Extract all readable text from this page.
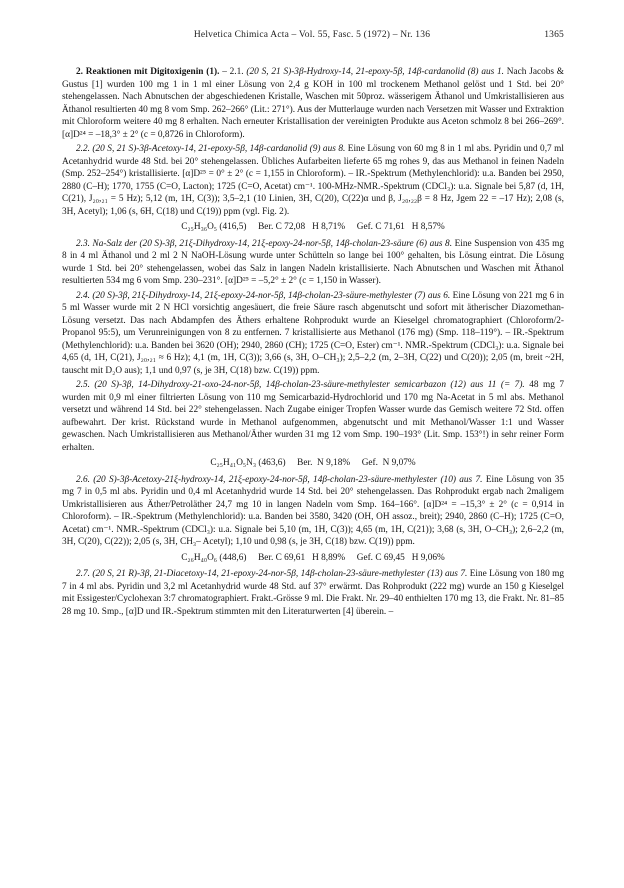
Helvetica Chimica Acta – Vol. 55, Fasc. 5 (1972) – Nr. 136	1365

2. Reaktionen mit Digitoxigenin (1). – 2.1. (20 S, 21 S)-3β-Hydroxy-14, 21-epoxy-5β, 14β-cardanolid (8) aus 1. Nach Jacobs & Gustus [1] wurden 100 mg 1 in 1 ml einer Lösung von 2,4 g KOH in 100 ml trockenem Methanol gelöst und 1 Std. bei 20° stehengelassen. Nach Abnutschen der abgeschiedenen Kristalle, Waschen mit 50proz. wässerigem Äthanol und Umkristallisieren aus Äthanol resultierten 40 mg 8 vom Smp. 262–266° (Lit.: 271°). Aus der Mutterlauge wurden nach Versetzen mit Wasser und Extraktion mit Chloroform weitere 40 mg 8 erhalten. Nach erneuter Kristallisation der vereinigten Produkte aus Aceton schmolz 8 bei 266–269°. [α]D²⁴ = –18,3° ± 2° (c = 0,8726 in Chloroform).

2.2. (20 S, 21 S)-3β-Acetoxy-14, 21-epoxy-5β, 14β-cardanolid (9) aus 8. Eine Lösung von 60 mg 8 in 1 ml abs. Pyridin und 0,7 ml Acetanhydrid wurde 48 Std. bei 20° stehengelassen. Übliches Aufarbeiten lieferte 65 mg rohes 9, das aus Methanol in feinen Nadeln (Smp. 252–254°) kristallisierte. [α]D²⁵ = 0° ± 2° (c = 1,155 in Chloroform). – IR.-Spektrum (Methylenchlorid): u.a. Banden bei 2950, 2880 (C–H); 1770, 1755 (C=O, Lacton); 1725 (C=O, Acetat) cm⁻¹. 100-MHz-NMR.-Spektrum (CDCl₃): u.a. Signale bei 5,87 (d, 1H, C(21), J₂₀,₂₁ = 5 Hz); 5,12 (m, 1H, C(3)); 3,5–2,1 (10 Linien, 3H, C(20), C(22)α und β, J₂₀,₂₂β = 8 Hz, Jgem 22 = –17 Hz); 2,08 (s, 3H, Acetyl); 1,06 (s, 6H, C(18) und C(19)) ppm (vgl. Fig. 2).

C₂₅H₃₆O₅ (416,5)     Ber. C 72,08   H 8,71%     Gef. C 71,61   H 8,57%

2.3. Na-Salz der (20 S)-3β, 21ξ-Dihydroxy-14, 21ξ-epoxy-24-nor-5β, 14β-cholan-23-säure (6) aus 8. Eine Suspension von 435 mg 8 in 4 ml Äthanol und 2 ml 2 N NaOH-Lösung wurde unter Schütteln so lange bei 100° gehalten, bis Lösung eintrat. Die Lösung wurde 1 Std. bei 20° stehengelassen, wobei das Salz in langen Nadeln kristallisierte. Nach Abnutschen und Waschen mit Äthanol resultierten 534 mg 6 vom Smp. 230–231°. [α]D²⁵ = –5,2° ± 2° (c = 1,150 in Wasser).

2.4. (20 S)-3β, 21ξ-Dihydroxy-14, 21ξ-epoxy-24-nor-5β, 14β-cholan-23-säure-methylester (7) aus 6. Eine Lösung von 221 mg 6 in 5 ml Wasser wurde mit 2 N HCl vorsichtig angesäuert, die freie Säure rasch abgenutscht und sofort mit ätherischer Diazomethan-Lösung versetzt. Das nach Abdampfen des Äthers erhaltene Rohprodukt wurde an Kieselgel chromatographiert (Chloroform/2-Propanol 95:5), um Verunreinigungen von 8 zu entfernen. 7 kristallisierte aus Methanol (176 mg) (Smp. 118–119°). – IR.-Spektrum (Methylenchlorid): u.a. Banden bei 3620 (OH); 2940, 2860 (CH); 1725 (C=O, Ester) cm⁻¹. NMR.-Spektrum (CDCl₃): u.a. Signale bei 4,65 (d, 1H, C(21), J₂₀,₂₁ ≈ 6 Hz); 4,1 (m, 1H, C(3)); 3,66 (s, 3H, O–CH₃); 2,5–2,2 (m, 2–3H, C(22) und C(20)); 2,05 (m, breit ~2H, tauscht mit D₂O aus); 1,1 und 0,97 (s, je 3H, C(18) bzw. C(19)) ppm.

2.5. (20 S)-3β, 14-Dihydroxy-21-oxo-24-nor-5β, 14β-cholan-23-säure-methylester semicarbazon (12) aus 11 (= 7). 48 mg 7 wurden mit 0,9 ml einer filtrierten Lösung von 110 mg Semicarbazid-Hydrochlorid und 170 mg Na-Acetat in 5 ml abs. Methanol versetzt und während 14 Std. bei 22° stehengelassen. Nach Zugabe einiger Tropfen Wasser wurde das Gemisch weitere 72 Std. offen aufbewahrt. Der krist. Rückstand wurde in Methanol aufgenommen, abgenutscht und mit Methanol/Wasser 1:1 und Wasser gewaschen. Nach Umkristallisieren aus Methanol/Äther wurden 31 mg 12 vom Smp. 190–193° (Lit. Smp. 153°!) in sehr reiner Form erhalten.

C₂₅H₄₁O₅N₃ (463,6)     Ber.  N 9,18%     Gef.  N 9,07%

2.6. (20 S)-3β-Acetoxy-21ξ-hydroxy-14, 21ξ-epoxy-24-nor-5β, 14β-cholan-23-säure-methylester (10) aus 7. Eine Lösung von 35 mg 7 in 0,5 ml abs. Pyridin und 0,4 ml Acetanhydrid wurde 14 Std. bei 20° stehengelassen. Das Rohprodukt ergab nach 2maligem Umkristallisieren aus Äther/Petroläther 24,7 mg 10 in langen Nadeln vom Smp. 164–166°. [α]D²⁴ = –15,3° ± 2° (c = 0,914 in Chloroform). – IR.-Spektrum (Methylenchlorid): u.a. Banden bei 3580, 3420 (OH, OH assoz., breit); 2940, 2860 (C–H); 1725 (C=O, Acetat) cm⁻¹. NMR.-Spektrum (CDCl₃): u.a. Signale bei 5,10 (m, 1H, C(3)); 4,65 (m, 1H, C(21)); 3,68 (s, 3H, O–CH₃); 2,6–2,2 (m, 3H, C(20), C(22)); 2,05 (s, 3H, CH₃– Acetyl); 1,10 und 0,98 (s, je 3H, C(18) bzw. C(19)) ppm.

C₂₆H₄₀O₆ (448,6)     Ber. C 69,61   H 8,89%     Gef. C 69,45   H 9,06%

2.7. (20 S, 21 R)-3β, 21-Diacetoxy-14, 21-epoxy-24-nor-5β, 14β-cholan-23-säure-methylester (13) aus 7. Eine Lösung von 180 mg 7 in 4 ml abs. Pyridin und 3,2 ml Acetanhydrid wurde 48 Std. auf 37° erwärmt. Das Rohprodukt (222 mg) wurde an 150 g Kieselgel mit Essigester/Cyclohexan 3:7 chromatographiert. Frakt.-Grösse 9 ml. Die Frakt. Nr. 29–40 enthielten 170 mg 13, die Frakt. Nr. 81–85 28 mg 10. Smp., [α]D und IR.-Spektrum stimmten mit den Literaturwerten [4] überein. –
